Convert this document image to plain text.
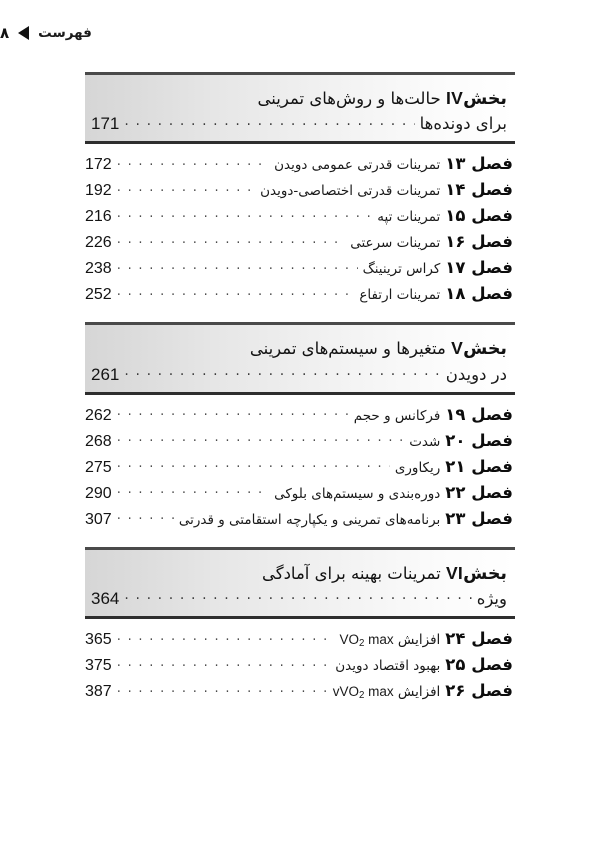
فهرست
٨
بخشIV حالت‌ها و روش‌های تمرینی
برای دونده‌ها
. . .
171
فصل ۱۳
تمرینات قدرتی عمومی دویدن
. . .
172
فصل ۱۴
تمرینات قدرتی اختصاصی-دویدن
. . .
192
فصل ۱۵
تمرینات تپه
. . .
216
فصل ۱۶
تمرینات سرعتی
. . .
226
فصل ۱۷
کراس ترینینگ
. . .
238
فصل ۱۸
تمرینات ارتفاع
. . .
252
بخشV متغیرها و سیستم‌های تمرینی
در دویدن
. . .
261
فصل ۱۹
فرکانس و حجم
. . .
262
فصل ۲۰
شدت
. . .
268
فصل ۲۱
ریکاوری
. . .
275
فصل ۲۲
دوره‌بندی و سیستم‌های بلوکی
. . .
290
فصل ۲۳
برنامه‌های تمرینی و یکپارچه استقامتی و قدرتی
. . .
307
بخشVI تمرینات بهینه برای آمادگی
ویژه
. . .
364
فصل ۲۴
افزایش $VO_2$ max
. . .
365
فصل ۲۵
بهبود اقتصاد دویدن
. . .
375
فصل ۲۶
افزایش vVO$_2$ max
. . .
387
